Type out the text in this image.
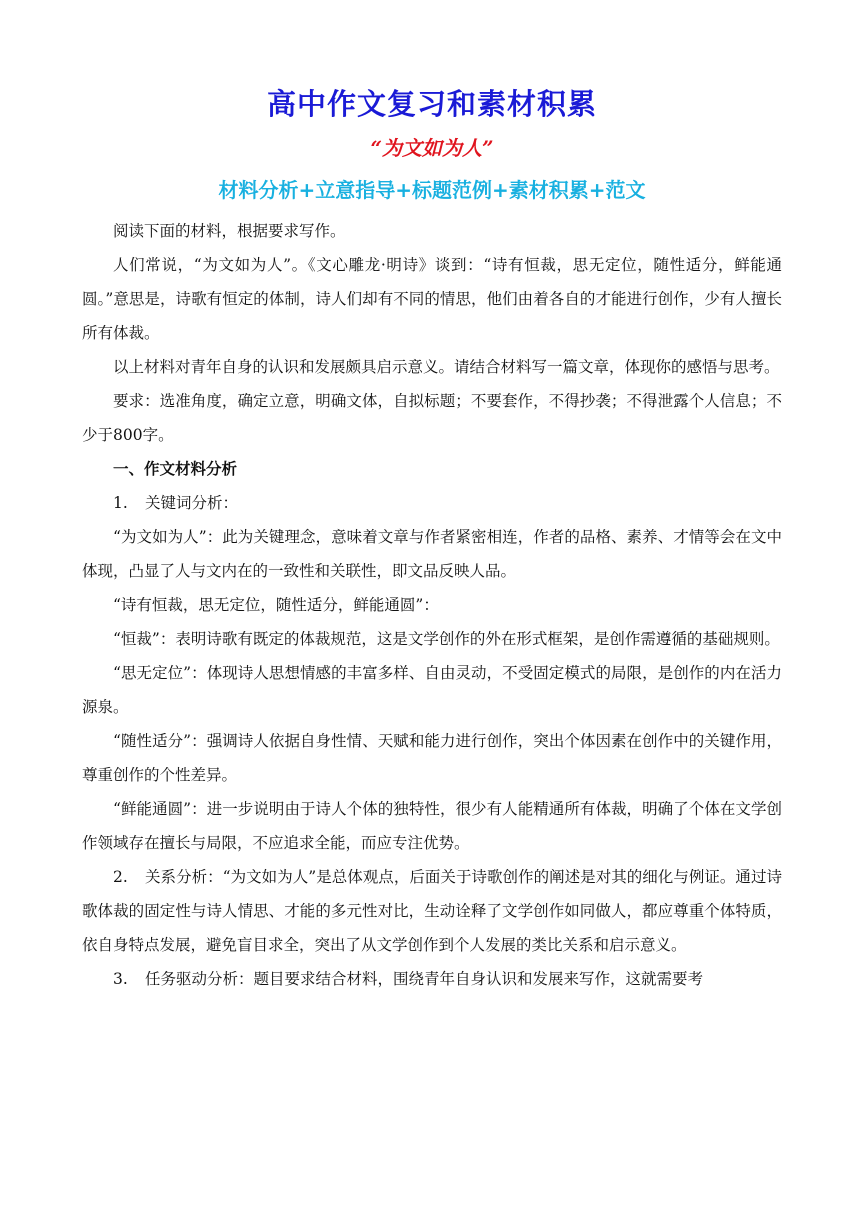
高中作文复习和素材积累
“为文如为人”
材料分析+立意指导+标题范例+素材积累+范文

阅读下面的材料，根据要求写作。

人们常说，“为文如为人”。《文心雕龙·明诗》谈到：“诗有恒裁，思无定位，随性适分，鲜能通圆。”意思是，诗歌有恒定的体制，诗人们却有不同的情思，他们由着各自的才能进行创作，少有人擅长所有体裁。

以上材料对青年自身的认识和发展颇具启示意义。请结合材料写一篇文章，体现你的感悟与思考。

要求：选准角度，确定立意，明确文体，自拟标题；不要套作，不得抄袭；不得泄露个人信息；不少于800字。

一、作文材料分析

1. 关键词分析：

“为文如为人”：此为关键理念，意味着文章与作者紧密相连，作者的品格、素养、才情等会在文中体现，凸显了人与文内在的一致性和关联性，即文品反映人品。

“诗有恒裁，思无定位，随性适分，鲜能通圆”：

“恒裁”：表明诗歌有既定的体裁规范，这是文学创作的外在形式框架，是创作需遵循的基础规则。

“思无定位”：体现诗人思想情感的丰富多样、自由灵动，不受固定模式的局限，是创作的内在活力源泉。

“随性适分”：强调诗人依据自身性情、天赋和能力进行创作，突出个体因素在创作中的关键作用，尊重创作的个性差异。

“鲜能通圆”：进一步说明由于诗人个体的独特性，很少有人能精通所有体裁，明确了个体在文学创作领域存在擅长与局限，不应追求全能，而应专注优势。

2. 关系分析：“为文如为人”是总体观点，后面关于诗歌创作的阐述是对其的细化与例证。通过诗歌体裁的固定性与诗人情思、才能的多元性对比，生动诠释了文学创作如同做人，都应尊重个体特质，依自身特点发展，避免盲目求全，突出了从文学创作到个人发展的类比关系和启示意义。

3. 任务驱动分析：题目要求结合材料，围绕青年自身认识和发展来写作，这就需要考
